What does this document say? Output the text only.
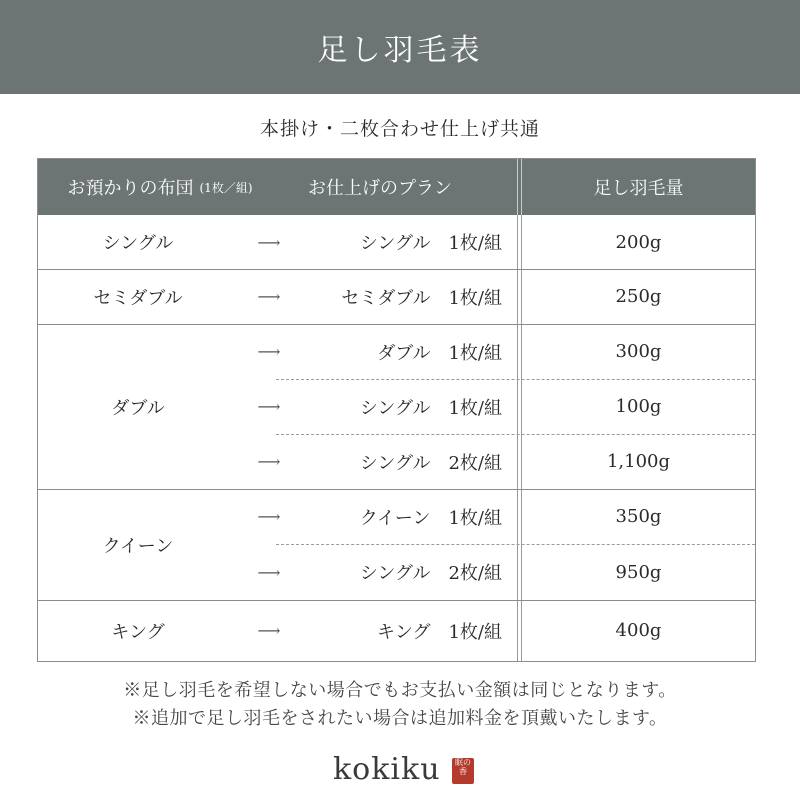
足し羽毛表
本掛け・二枚合わせ仕上げ共通
お預かりの布団 (1枚／組)	お仕上げのプラン	足し羽毛量
シングル	⟶	シングル　1枚/組	200g
セミダブル	⟶	セミダブル　1枚/組	250g
ダブル
⟶	ダブル　1枚/組	300g
⟶	シングル　1枚/組	100g
⟶	シングル　2枚/組	1,100g
クイーン
⟶	クイーン　1枚/組	350g
⟶	シングル　2枚/組	950g
キング	⟶	キング　1枚/組	400g
※足し羽毛を希望しない場合でもお支払い金額は同じとなります。
※追加で足し羽毛をされたい場合は追加料金を頂戴いたします。
kokiku	眠の香
